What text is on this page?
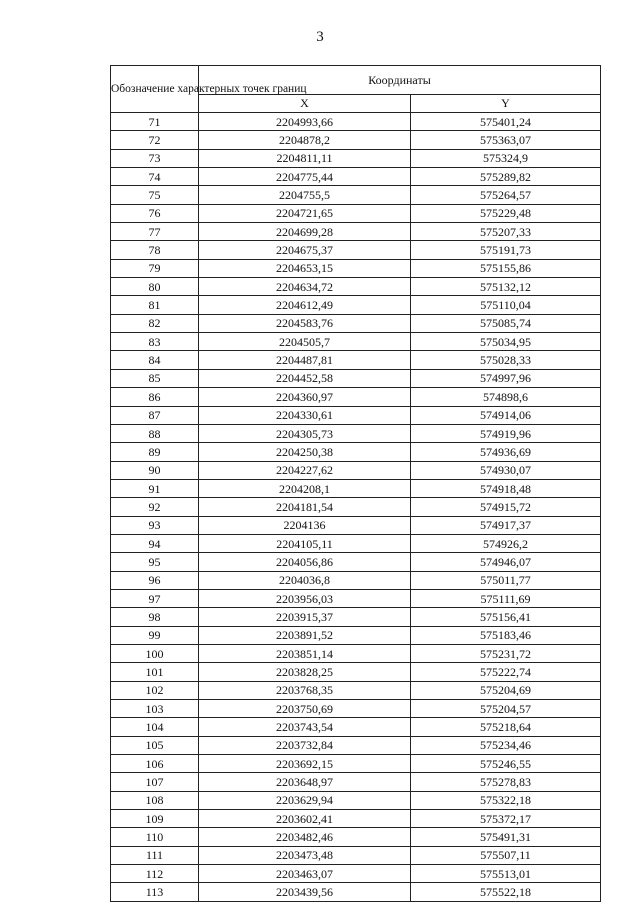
3
Обозначение характерных точек границ	Координаты	
	X	Y
71	2204993,66	575401,24
72	2204878,2	575363,07
73	2204811,11	575324,9
74	2204775,44	575289,82
75	2204755,5	575264,57
76	2204721,65	575229,48
77	2204699,28	575207,33
78	2204675,37	575191,73
79	2204653,15	575155,86
80	2204634,72	575132,12
81	2204612,49	575110,04
82	2204583,76	575085,74
83	2204505,7	575034,95
84	2204487,81	575028,33
85	2204452,58	574997,96
86	2204360,97	574898,6
87	2204330,61	574914,06
88	2204305,73	574919,96
89	2204250,38	574936,69
90	2204227,62	574930,07
91	2204208,1	574918,48
92	2204181,54	574915,72
93	2204136	574917,37
94	2204105,11	574926,2
95	2204056,86	574946,07
96	2204036,8	575011,77
97	2203956,03	575111,69
98	2203915,37	575156,41
99	2203891,52	575183,46
100	2203851,14	575231,72
101	2203828,25	575222,74
102	2203768,35	575204,69
103	2203750,69	575204,57
104	2203743,54	575218,64
105	2203732,84	575234,46
106	2203692,15	575246,55
107	2203648,97	575278,83
108	2203629,94	575322,18
109	2203602,41	575372,17
110	2203482,46	575491,31
111	2203473,48	575507,11
112	2203463,07	575513,01
113	2203439,56	575522,18
